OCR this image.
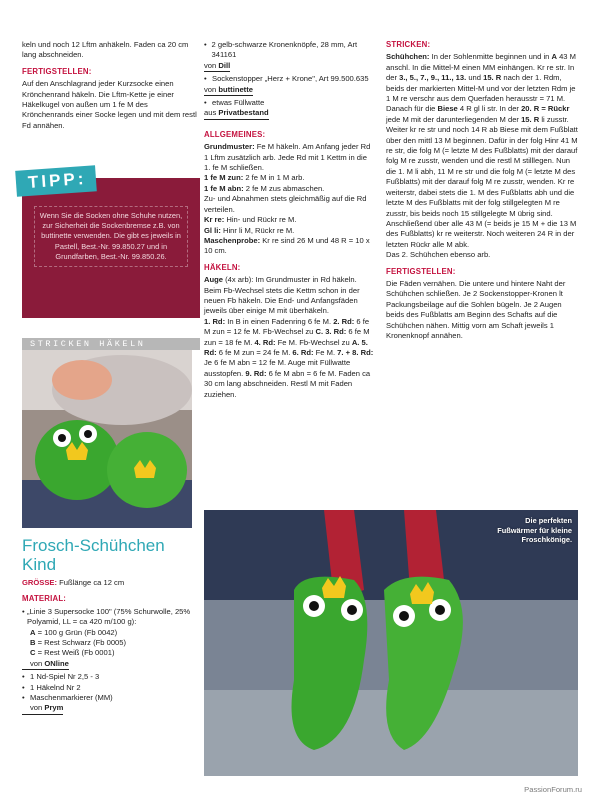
keln und noch 12 Lftm anhäkeln. Faden ca 20 cm lang abschneiden.

FERTIGSTELLEN:

Auf den Anschlagrand jeder Kurzsocke einen Krönchenrand häkeln. Die Lftm-Kette je einer Häkelkugel von außen um 1 fe M des Krönchenrands einer Socke legen und mit dem restl Fd annähen.

TIPP:
Wenn Sie die Socken ohne Schuhe nutzen, zur Sicherheit die Sockenbremse z.B. von buttinette verwenden. Die gibt es jeweils in Pastell, Best.-Nr. 99.850.27 und in Grundfarben, Best.-Nr. 99.850.26.
STRICKEN HÄKELN
Frosch-Schühchen Kind

GRÖSSE: Fußlänge ca 12 cm

MATERIAL:
• „Linie 3 Supersocke 100" (75% Schurwolle, 25% Polyamid, LL = ca 420 m/100 g):
A = 100 g Grün (Fb 0042)
B = Rest Schwarz (Fb 0005)
C = Rest Weiß (Fb 0001)
von ONline
• 1 Nd-Spiel Nr 2,5 - 3
• 1 Häkelnd Nr 2
• Maschenmarkierer (MM)
von Prym
• 2 gelb-schwarze Kronenknöpfe, 28 mm, Art 341161
von Dill
• Sockenstopper „Herz + Krone", Art 99.500.635
von buttinette
• etwas Füllwatte
aus Privatbestand
ALLGEMEINES:
Grundmuster: Fe M häkeln. Am Anfang jeder Rd 1 Lftm zusätzlich arb. Jede Rd mit 1 Kettm in die 1. fe M schließen.
1 fe M zun: 2 fe M in 1 M arb.
1 fe M abn: 2 fe M zus abmaschen.
Zu- und Abnahmen stets gleichmäßig auf die Rd verteilen.
Kr re: Hin- und Rückr re M.
Gl li: Hinr li M, Rückr re M.
Maschenprobe: Kr re sind 26 M und 48 R = 10 x 10 cm.
HÄKELN:
Auge (4x arb): Im Grundmuster in Rd häkeln. Beim Fb-Wechsel stets die Kettm schon in der neuen Fb häkeln. Die End- und Anfangsfäden jeweils über einige M mit überhäkeln.
1. Rd: In B in einen Fadenring 6 fe M. 2. Rd: 6 fe M zun = 12 fe M. Fb-Wechsel zu C. 3. Rd: 6 fe M zun = 18 fe M. 4. Rd: Fe M. Fb-Wechsel zu A. 5. Rd: 6 fe M zun = 24 fe M. 6. Rd: Fe M. 7. + 8. Rd: Je 6 fe M abn = 12 fe M. Auge mit Füllwatte ausstopfen. 9. Rd: 6 fe M abn = 6 fe M. Faden ca 30 cm lang abschneiden. Restl M mit Faden zuziehen.
STRICKEN:
Schühchen: In der Sohlenmitte beginnen und in A 43 M anschl. In die Mittel-M einen MM einhängen. Kr re str. In der 3., 5., 7., 9., 11., 13. und 15. R nach der 1. Rdm, beids der markierten Mittel-M und vor der letzten Rdm je 1 M re verschr aus dem Querfaden herausstr = 71 M. Danach für die Biese 4 R gl li str. In der 20. R = Rückr jede M mit der darunterliegenden M der 15. R li zusstr. Weiter kr re str und noch 14 R ab Biese mit dem Fußblatt über den mittl 13 M beginnen. Dafür in der folg Hinr 41 M re str, die folg M (= letzte M des Fußblatts) mit der darauf folg M re zusstr, wenden und die restl M stilllegen. Nun die 1. M li abh, 11 M re str und die folg M (= letzte M des Fußblatts) mit der darauf folg M re zusstr, wenden. Kr re weiterstr, dabei stets die 1. M des Fußblatts abh und die letzte M des Fußblatts mit der folg stillgelegten M re zusstr, bis beids noch 15 stillgelegte M übrig sind. Anschließend über alle 43 M (= beids je 15 M + die 13 M des Fußblatts) kr re weiterstr. Noch weiteren 24 R in der letzten Rückr alle M abk.

Das 2. Schühchen ebenso arb.

FERTIGSTELLEN:

Die Fäden vernähen. Die untere und hintere Naht der Schühchen schließen. Je 2 Sockenstopper-Kronen lt Packungsbeilage auf die Sohlen bügeln. Je 2 Augen beids des Fußblatts am Beginn des Schafts auf die Schühchen nähen. Mittig vorn am Schaft jeweils 1 Kronenknopf annähen.

Die perfekten Fußwärmer für kleine Froschkönige.
PassionForum.ru
